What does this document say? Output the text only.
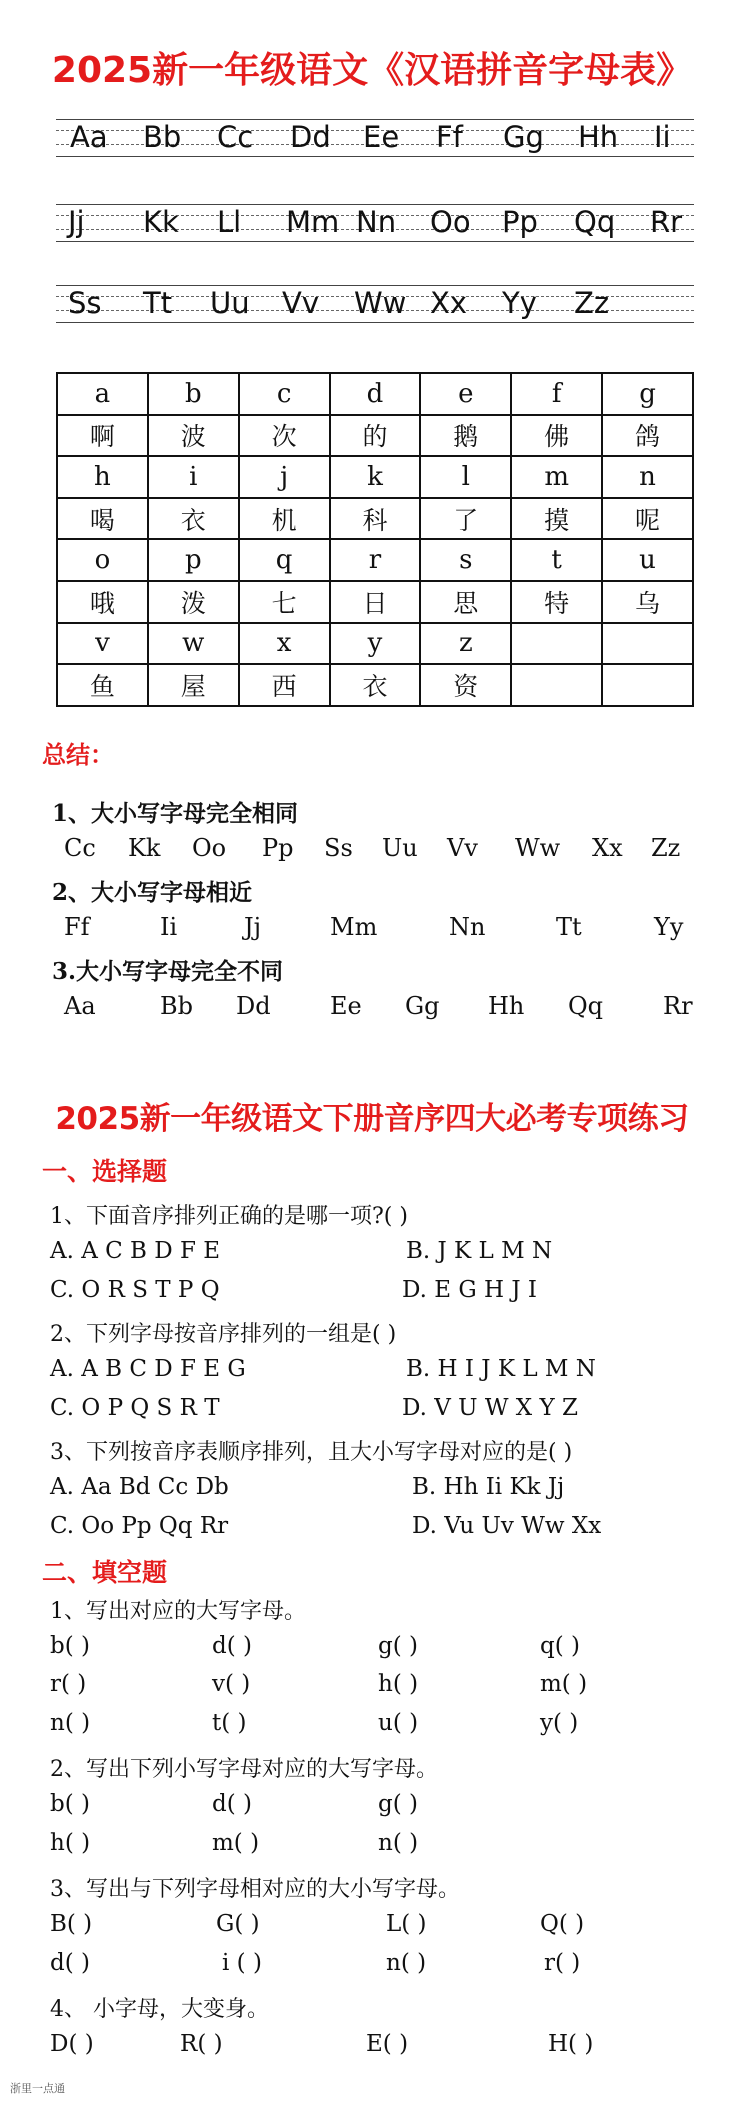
2025新一年级语文《汉语拼音字母表》
Aa Bb Cc Dd Ee Ff Gg Hh Ii
Jj Kk Ll Mm Nn Oo Pp Qq Rr
Ss Tt Uu Vv Ww Xx Yy Zz
a	b	c	d	e	f	g
啊	波	次	的	鹅	佛	鸽
h	i	j	k	l	m	n
喝	衣	机	科	了	摸	呢
o	p	q	r	s	t	u
哦	泼	七	日	思	特	乌
v	w	x	y	z		
鱼	屋	西	衣	资		
总结：
1、大小写字母完全相同
Cc Kk Oo Pp Ss Uu Vv Ww Xx Zz
2、大小写字母相近
Ff	Ii	Jj	Mm	Nn	Tt	Yy
3.大小写字母完全不同
Aa	Bb Dd Ee Gg Hh Qq Rr
2025新一年级语文下册音序四大必考专项练习
一、选择题
1、下面音序排列正确的是哪一项?( )
A. A C B D F E	B. J K L M N
C. O R S T P Q	D. E G H J I
2、下列字母按音序排列的一组是( )
A. A B C D F E G	B. H I J K L M N
C. O P Q S R T	D. V U W X Y Z
3、下列按音序表顺序排列，且大小写字母对应的是( )
A. Aa Bd Cc Db	B. Hh Ii Kk Jj
C. Oo Pp Qq Rr	D. Vu Uv Ww Xx
二、填空题
1、写出对应的大写字母。
b( )	d( )	g( )	q( )
r( )	v( )	h( )	m( )
n( )	t( )	u( )	y( )
2、写出下列小写字母对应的大写字母。
b( )	d( )	g( )
h( )	m( )	n( )
3、写出与下列字母相对应的大小写字母。
B( )	G( )	L( )	Q( )
d( )	i ( )	n( )	r( )
4、 小字母，大变身。
D( )	R( )	E( )	H( )
浙里一点通
